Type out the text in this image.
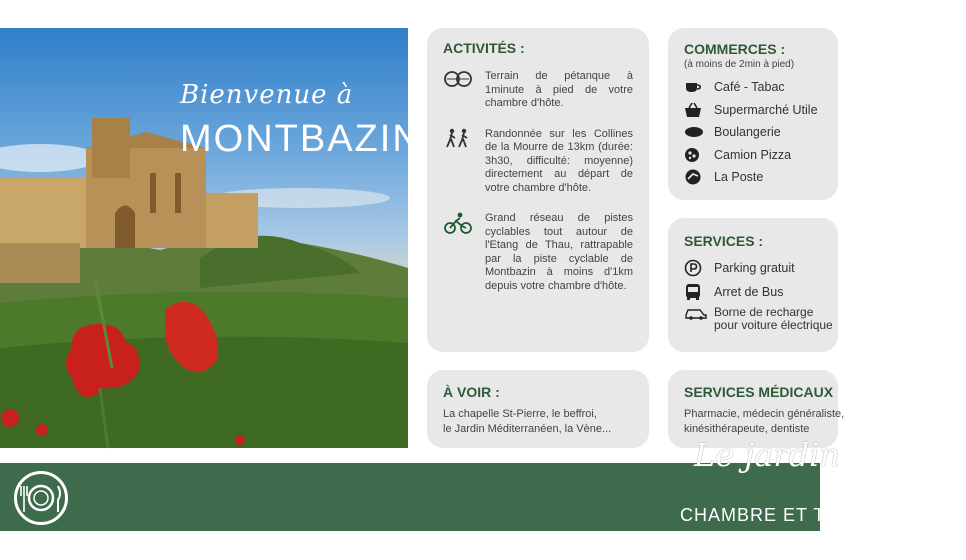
Bienvenue à
MONTBAZIN
ACTIVITÉS :
Terrain de pétanque à 1minute à pied de votre chambre d'hôte.
Randonnée sur les Collines de la Mourre de 13km (durée: 3h30, difficulté: moyenne) directement au départ de votre chambre d'hôte.
Grand réseau de pistes cyclables tout autour de l'Etang de Thau, rattrapable par la piste cyclable de Montbazin à moins d'1km depuis votre chambre d'hôte.
COMMERCES :
(à moins de 2min à pied)
Café - Tabac
Supermarché Utile
Boulangerie
Camion Pizza
La Poste
SERVICES :
Parking gratuit
Arret de Bus
Borne de recharge
pour voiture électrique
À VOIR :
La chapelle St-Pierre, le beffroi,
le Jardin Méditerranéen, la Vène...
SERVICES MÉDICAUX
Pharmacie, médecin généraliste,
kinésithérapeute, dentiste
Le jardin
CHAMBRE ET TABLE D'HÔTES
